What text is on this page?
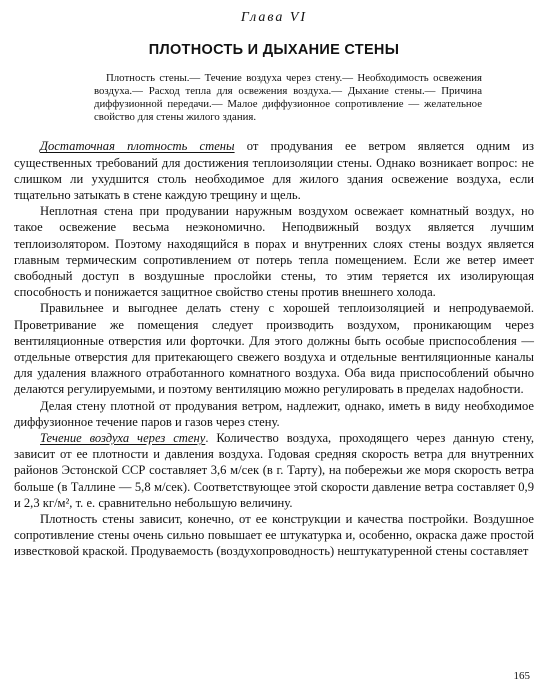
Глава VI
ПЛОТНОСТЬ И ДЫХАНИЕ СТЕНЫ
Плотность стены.— Течение воздуха через стену.— Необходимость освежения воздуха.— Расход тепла для освежения воздуха.— Дыхание стены.— Причина диффузионной передачи.— Малое диффузионное сопротивление — желательное свойство для стены жилого здания.

Достаточная плотность стены от продувания ее ветром является одним из существенных требований для достижения теплоизоляции стены. Однако возникает вопрос: не слишком ли ухудшится столь необходимое для жилого здания освежение воздуха, если тщательно затыкать в стене каждую трещину и щель.

Неплотная стена при продувании наружным воздухом освежает комнатный воздух, но такое освежение весьма неэкономично. Неподвижный воздух является лучшим теплоизолятором. Поэтому находящийся в порах и внутренних слоях стены воздух является главным термическим сопротивлением от потерь тепла помещением. Если же ветер имеет свободный доступ в воздушные прослойки стены, то этим теряется их изолирующая способность и понижается защитное свойство стены против внешнего холода.

Правильнее и выгоднее делать стену с хорошей теплоизоляцией и непродуваемой. Проветривание же помещения следует производить воздухом, проникающим через вентиляционные отверстия или форточки. Для этого должны быть особые приспособления — отдельные отверстия для притекающего свежего воздуха и отдельные вентиляционные каналы для удаления влажного отработанного комнатного воздуха. Оба вида приспособлений обычно делаются регулируемыми, и поэтому вентиляцию можно регулировать в пределах надобности.

Делая стену плотной от продувания ветром, надлежит, однако, иметь в виду необходимое диффузионное течение паров и газов через стену.

Течение воздуха через стену. Количество воздуха, проходящего через данную стену, зависит от ее плотности и давления воздуха. Годовая средняя скорость ветра для внутренних районов Эстонской ССР составляет 3,6 м/сек (в г. Тарту), на побережьи же моря скорость ветра больше (в Таллине — 5,8 м/сек). Соответствующее этой скорости давление ветра составляет 0,9 и 2,3 кг/м², т. е. сравнительно небольшую величину.

Плотность стены зависит, конечно, от ее конструкции и качества постройки. Воздушное сопротивление стены очень сильно повышает ее штукатурка и, особенно, окраска даже простой известковой краской. Продуваемость (воздухопроводность) нештукатуренной стены составляет

165
